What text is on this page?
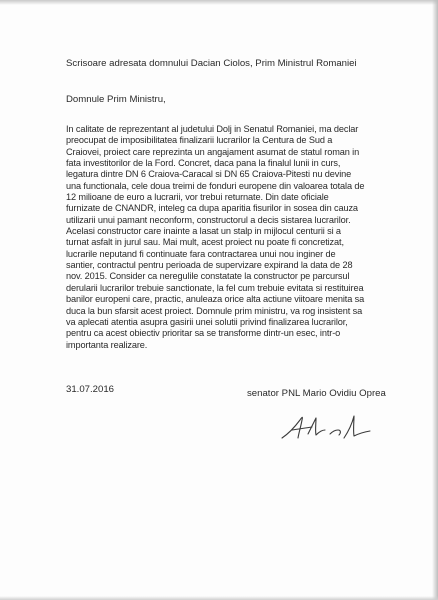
Scrisoare adresata domnului Dacian Ciolos, Prim Ministrul Romaniei
Domnule Prim Ministru,
In calitate de reprezentant al judetului Dolj in Senatul Romaniei, ma declar
preocupat de imposibilitatea finalizarii lucrarilor la Centura de Sud a
Craiovei, proiect care reprezinta un angajament asumat de statul roman in
fata investitorilor de la Ford. Concret, daca pana la finalul lunii in curs,
legatura dintre DN 6 Craiova-Caracal si DN 65 Craiova-Pitesti nu devine
una functionala, cele doua treimi de fonduri europene din valoarea totala de
12 milioane de euro a lucrarii, vor trebui returnate. Din date oficiale
furnizate de CNANDR, inteleg ca dupa aparitia fisurilor in sosea din cauza
utilizarii unui pamant neconform, constructorul a decis sistarea lucrarilor.
Acelasi constructor care inainte a lasat un stalp in mijlocul centurii si a
turnat asfalt in jurul sau. Mai mult, acest proiect nu poate fi concretizat,
lucrarile neputand fi continuate fara contractarea unui nou inginer de
santier, contractul pentru perioada de supervizare expirand la data de 28
nov. 2015. Consider ca neregulile constatate la constructor pe parcursul
derularii lucrarilor trebuie sanctionate, la fel cum trebuie evitata si restituirea
banilor europeni care, practic, anuleaza orice alta actiune viitoare menita sa
duca la bun sfarsit acest proiect. Domnule prim ministru, va rog insistent sa
va aplecati atentia asupra gasirii unei solutii privind finalizarea lucrarilor,
pentru ca acest obiectiv prioritar sa se transforme dintr-un esec, intr-o
importanta realizare.
31.07.2016	senator PNL Mario Ovidiu Oprea
